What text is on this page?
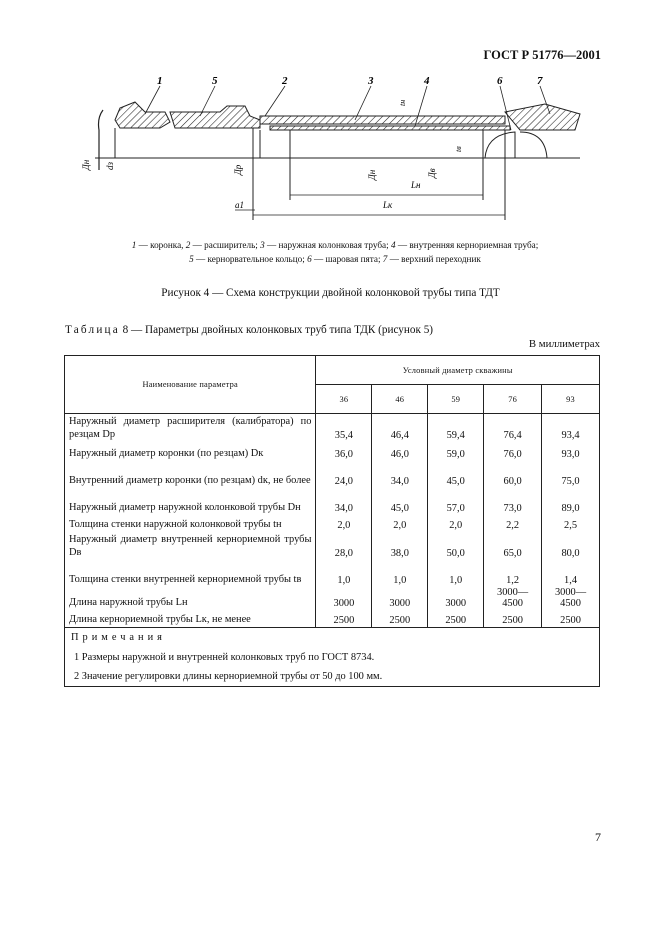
ГОСТ Р 51776—2001
1	5	2	3	4	6	7
Дн dз	Др	Дн	Дв
tн
tв
Lк
Lн
a1
1 — коронка, 2 — расширитель; 3 — наружная колонковая труба; 4 — внутренняя кернориемная труба;
5 — кернорвательное кольцо; 6 — шаровая пята; 7 — верхний переходник
Рисунок 4 — Схема конструкции двойной колонковой трубы типа ТДТ
Таблица 8 — Параметры двойных колонковых труб типа ТДК (рисунок 5)
В миллиметрах
Наименование параметра	Условный диаметр скважины				
	36	46	59	76	93
Наружный диаметр расширителя (калибратора) по резцам Dр	35,4	46,4	59,4	76,4	93,4
Наружный диаметр коронки (по резцам) Dк	36,0	46,0	59,0	76,0	93,0
Внутренний диаметр коронки (по резцам) dк, не более	24,0	34,0	45,0	60,0	75,0
Наружный диаметр наружной колонковой трубы Dн	34,0	45,0	57,0	73,0	89,0
Толщина стенки наружной колонковой трубы tн	2,0	2,0	2,0	2,2	2,5
Наружный диаметр внутренней кернориемной трубы Dв	28,0	38,0	50,0	65,0	80,0
Толщина стенки внутренней кернориемной трубы tв	1,0	1,0	1,0	1,2	1,4
Длина наружной трубы Lн	3000	3000	3000	3000—4500	3000—4500
Длина кернориемной трубы Lк, не менее	2500	2500	2500	2500	2500

Примечания
1 Размеры наружной и внутренней колонковых труб по ГОСТ 8734.
2 Значение регулировки длины кернориемной трубы от 50 до 100 мм.					
7
